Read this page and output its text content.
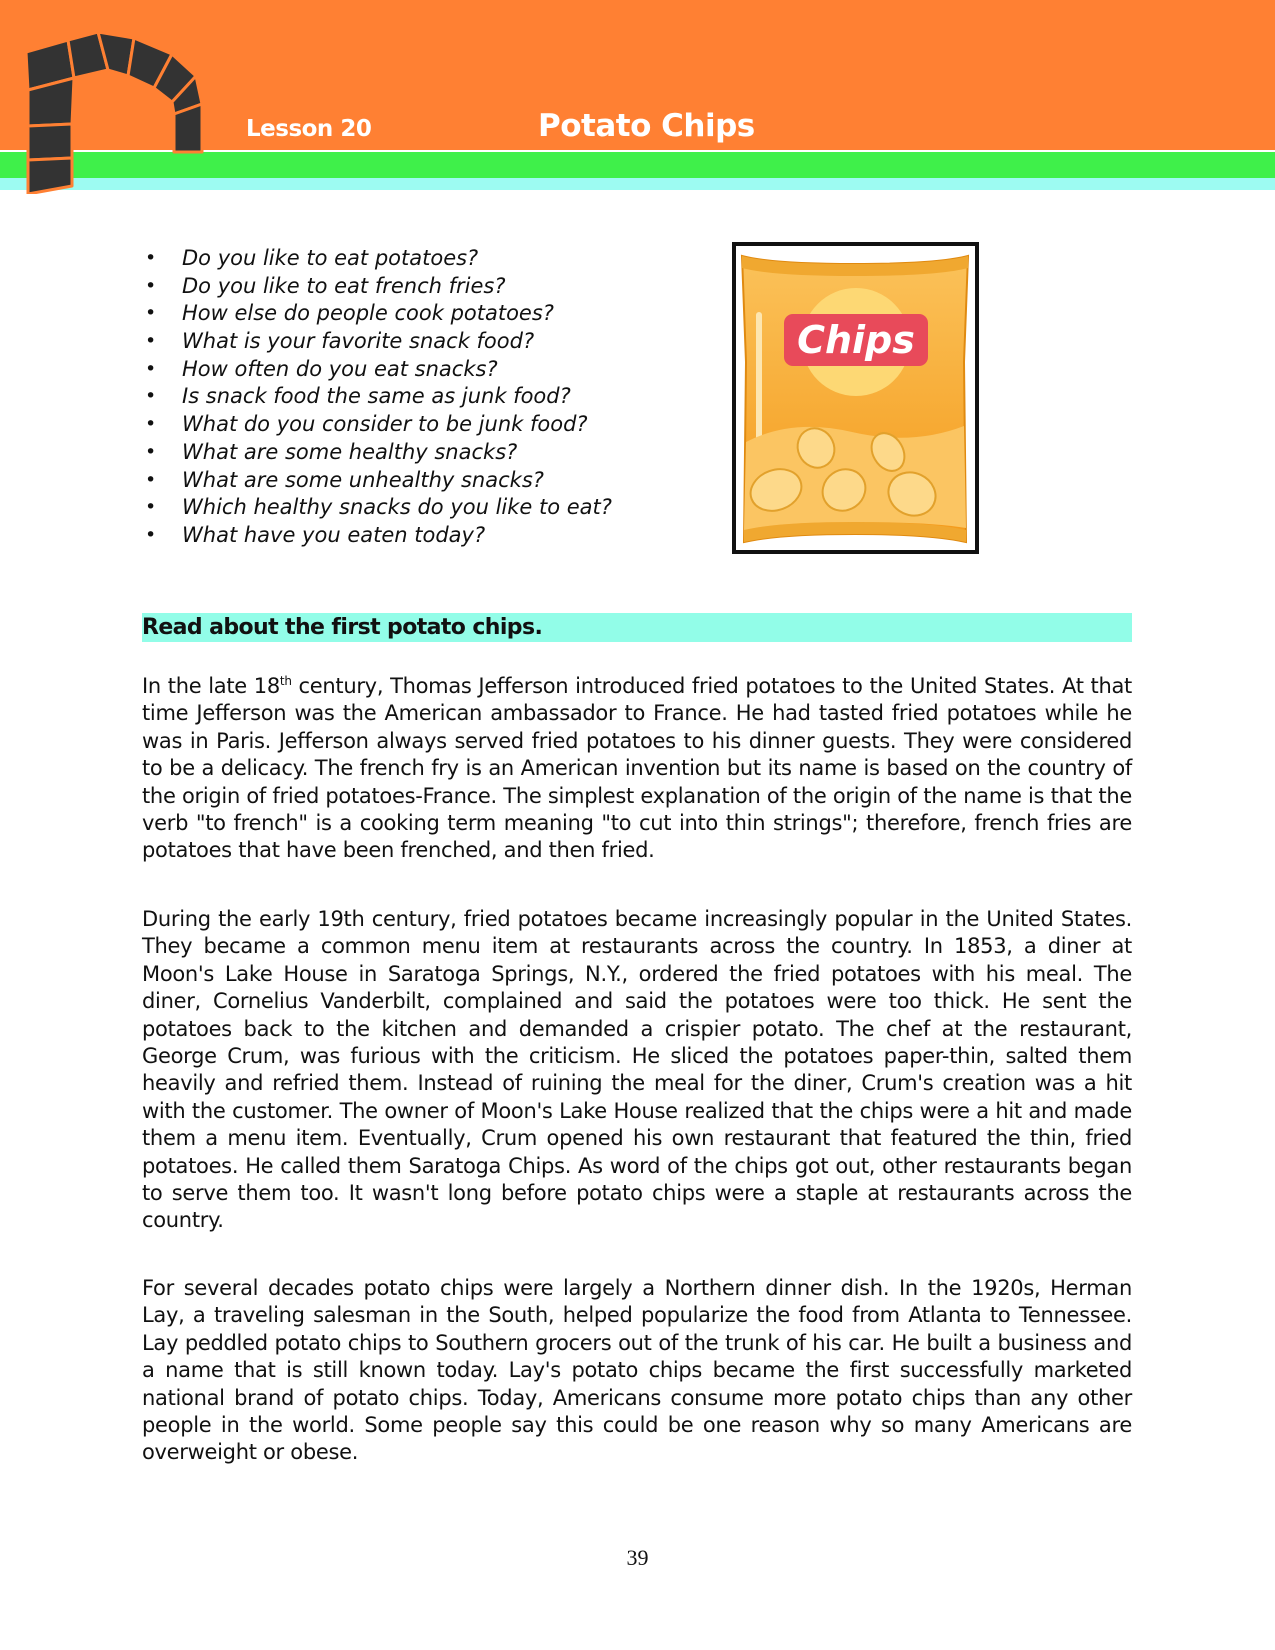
Lesson 20	Potato Chips
• Do you like to eat potatoes?
• Do you like to eat french fries?
• How else do people cook potatoes?
• What is your favorite snack food?
• How often do you eat snacks?
• Is snack food the same as junk food?
• What do you consider to be junk food?
• What are some healthy snacks?
• What are some unhealthy snacks?
• Which healthy snacks do you like to eat?
• What have you eaten today?
Chips
Read about the first potato chips.

In the late 18th century, Thomas Jefferson introduced fried potatoes to the United States. At that time Jefferson was the American ambassador to France. He had tasted fried potatoes while he was in Paris. Jefferson always served fried potatoes to his dinner guests. They were considered to be a delicacy. The french fry is an American invention but its name is based on the country of the origin of fried potatoes-France. The simplest explanation of the origin of the name is that the verb "to french" is a cooking term meaning "to cut into thin strings"; therefore, french fries are potatoes that have been frenched, and then fried.

During the early 19th century, fried potatoes became increasingly popular in the United States. They became a common menu item at restaurants across the country. In 1853, a diner at Moon's Lake House in Saratoga Springs, N.Y., ordered the fried potatoes with his meal. The diner, Cornelius Vanderbilt, complained and said the potatoes were too thick. He sent the potatoes back to the kitchen and demanded a crispier potato. The chef at the restaurant, George Crum, was furious with the criticism. He sliced the potatoes paper-thin, salted them heavily and refried them. Instead of ruining the meal for the diner, Crum's creation was a hit with the customer. The owner of Moon's Lake House realized that the chips were a hit and made them a menu item. Eventually, Crum opened his own restaurant that featured the thin, fried potatoes. He called them Saratoga Chips. As word of the chips got out, other restaurants began to serve them too. It wasn't long before potato chips were a staple at restaurants across the country.

For several decades potato chips were largely a Northern dinner dish. In the 1920s, Herman Lay, a traveling salesman in the South, helped popularize the food from Atlanta to Tennessee. Lay peddled potato chips to Southern grocers out of the trunk of his car. He built a business and a name that is still known today. Lay's potato chips became the first successfully marketed national brand of potato chips. Today, Americans consume more potato chips than any other people in the world. Some people say this could be one reason why so many Americans are overweight or obese.

39
